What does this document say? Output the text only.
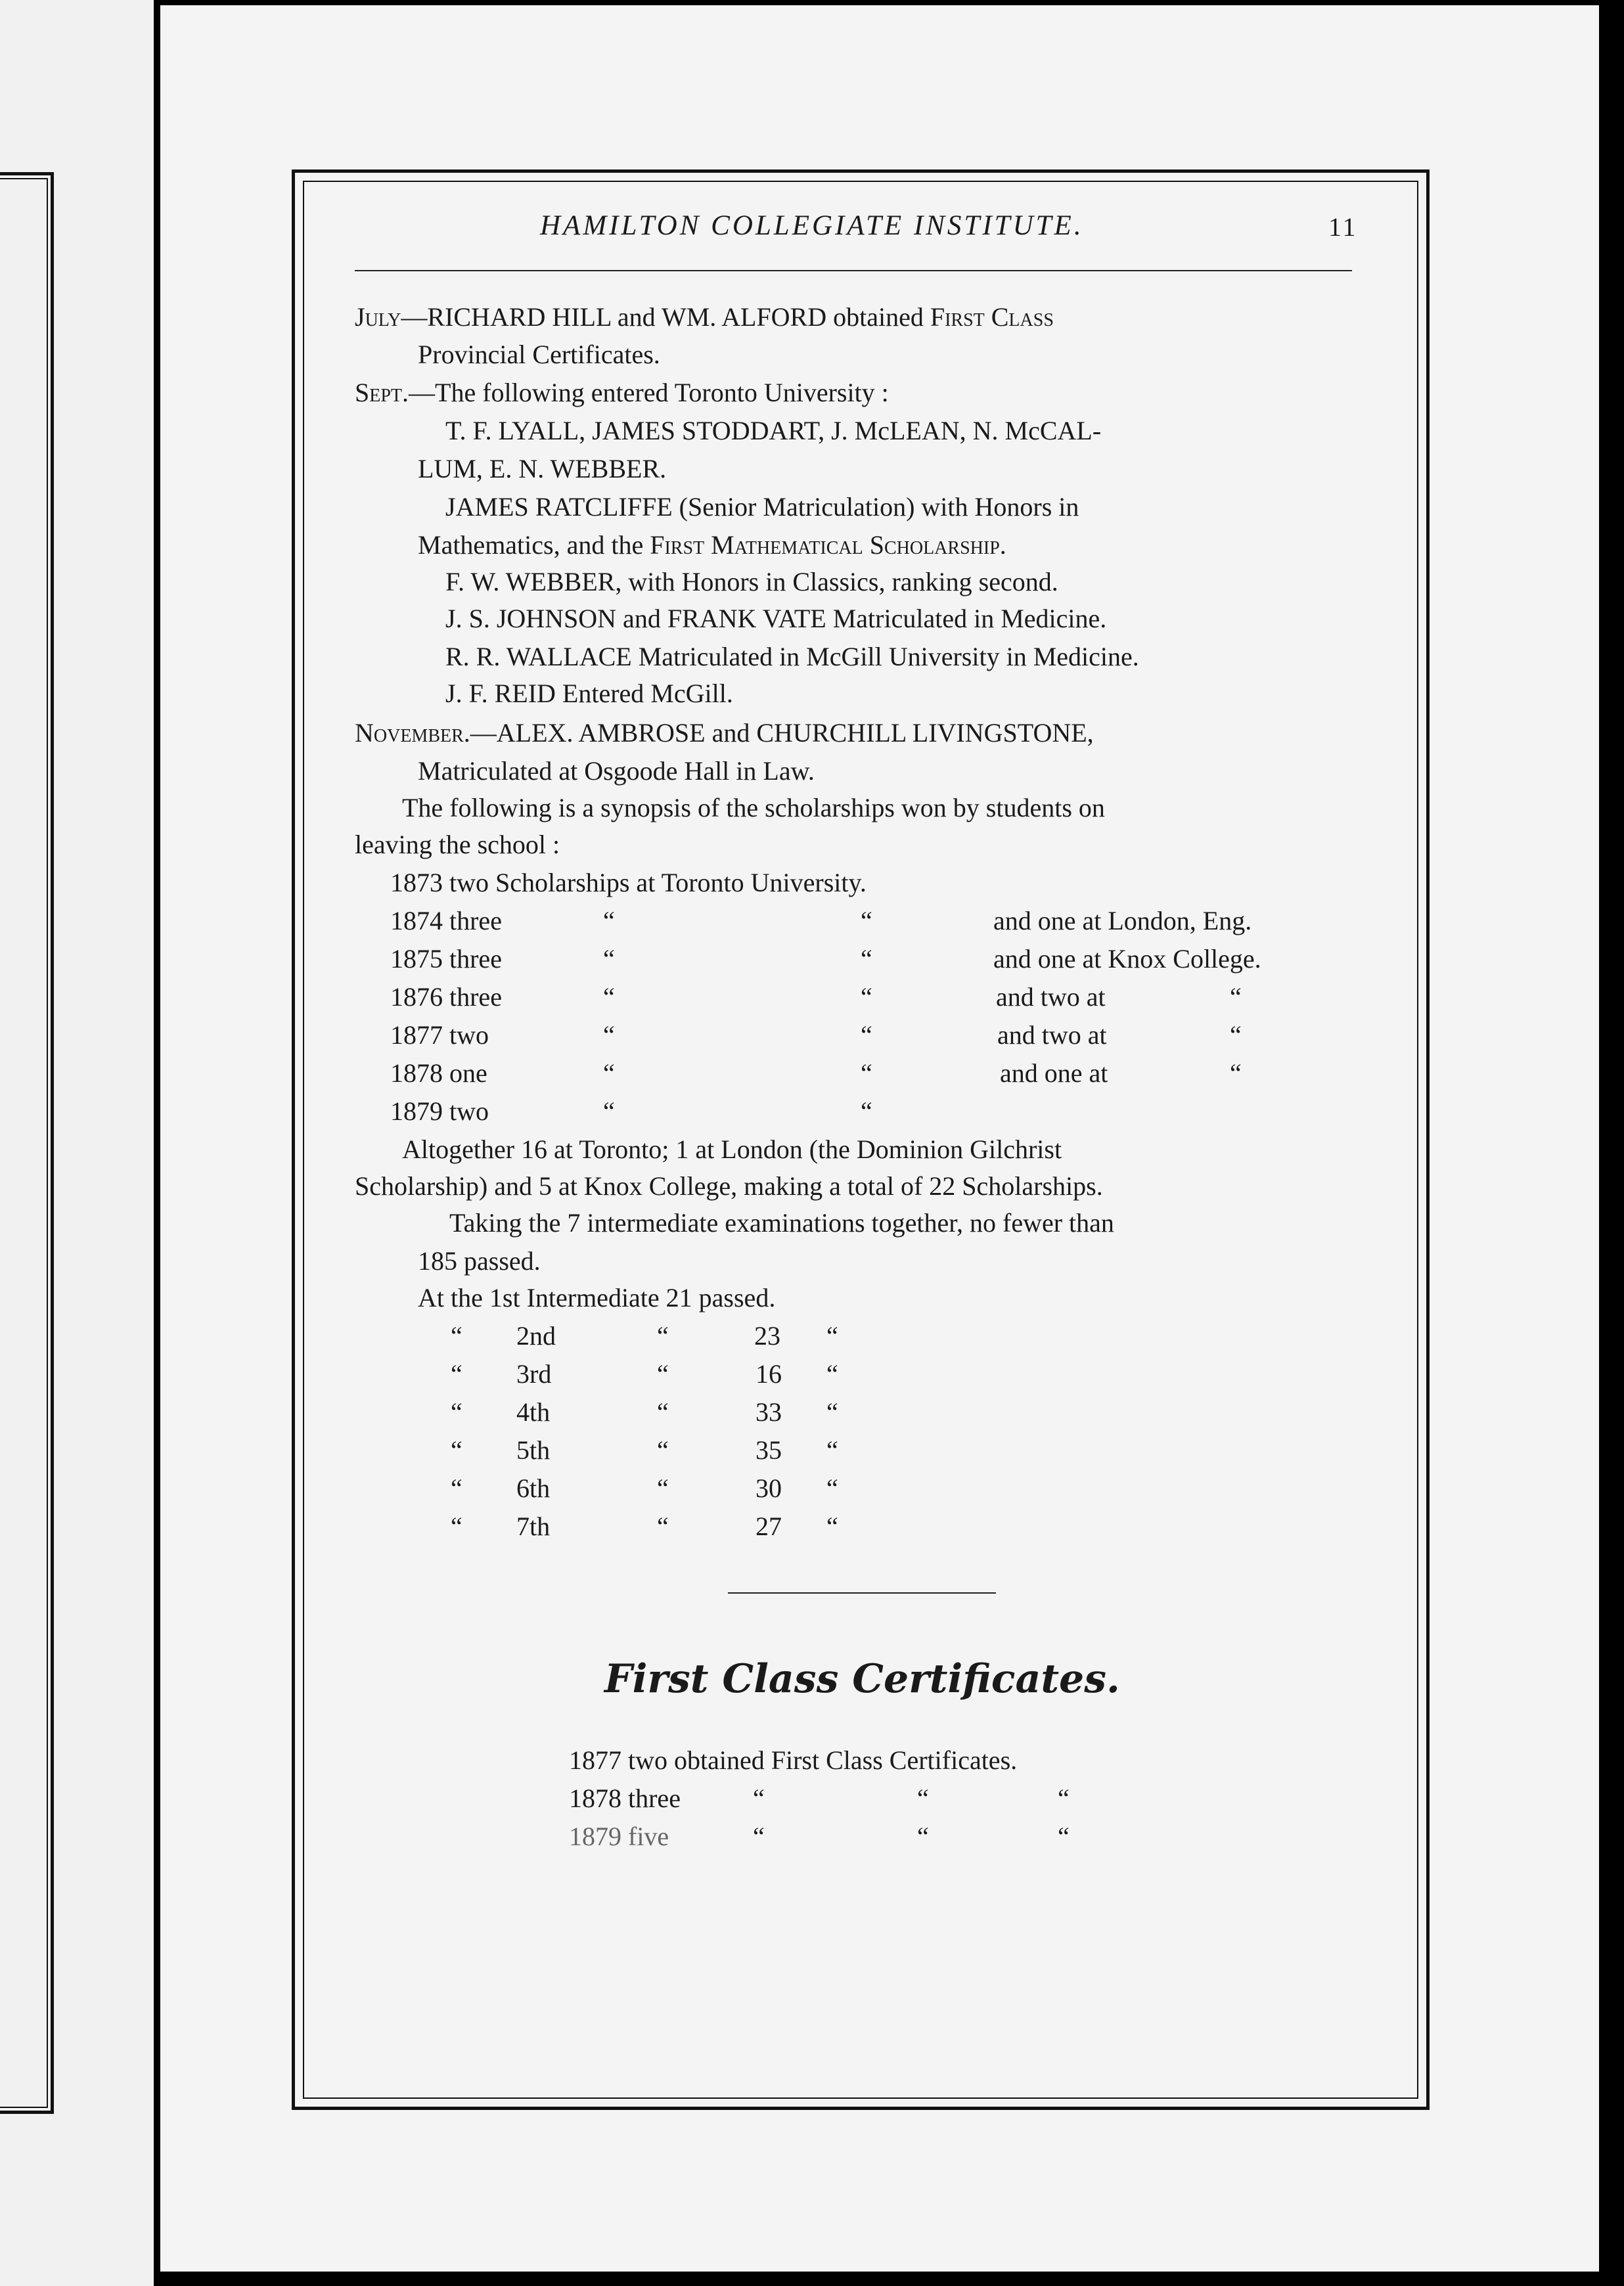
HAMILTON COLLEGIATE INSTITUTE.	11
July—RICHARD HILL and WM. ALFORD obtained First Class
Provincial Certificates.
Sept.—The following entered Toronto University :
T. F. LYALL, JAMES STODDART, J. McLEAN, N. McCAL-
LUM, E. N. WEBBER.
JAMES RATCLIFFE (Senior Matriculation) with Honors in
Mathematics, and the First Mathematical Scholarship.
F. W. WEBBER, with Honors in Classics, ranking second.
J. S. JOHNSON and FRANK VATE Matriculated in Medicine.
R. R. WALLACE Matriculated in McGill University in Medicine.
J. F. REID Entered McGill.
November.—ALEX. AMBROSE and CHURCHILL LIVINGSTONE,
Matriculated at Osgoode Hall in Law.
The following is a synopsis of the scholarships won by students on
leaving the school :
1873 two Scholarships at Toronto University.
1874 three	“	“	and one at London, Eng.
1875 three	“	“	and one at Knox College.
1876 three	“	“	and two at	“
1877 two	“	“	and two at	“
1878 one	“	“	and one at	“
1879 two	“	“
Altogether 16 at Toronto; 1 at London (the Dominion Gilchrist
Scholarship) and 5 at Knox College, making a total of 22 Scholarships.
Taking the 7 intermediate examinations together, no fewer than
185 passed.
At the 1st Intermediate 21 passed.
“ 2nd	“	23 “
“ 3rd	“	16 “
“ 4th	“	33 “
“ 5th	“	35 “
“ 6th	“	30 “
“ 7th	“	27 “
First Class Certificates.
1877 two obtained First Class Certificates.
1878 three	“	“	“
1879 five	“	“	“
